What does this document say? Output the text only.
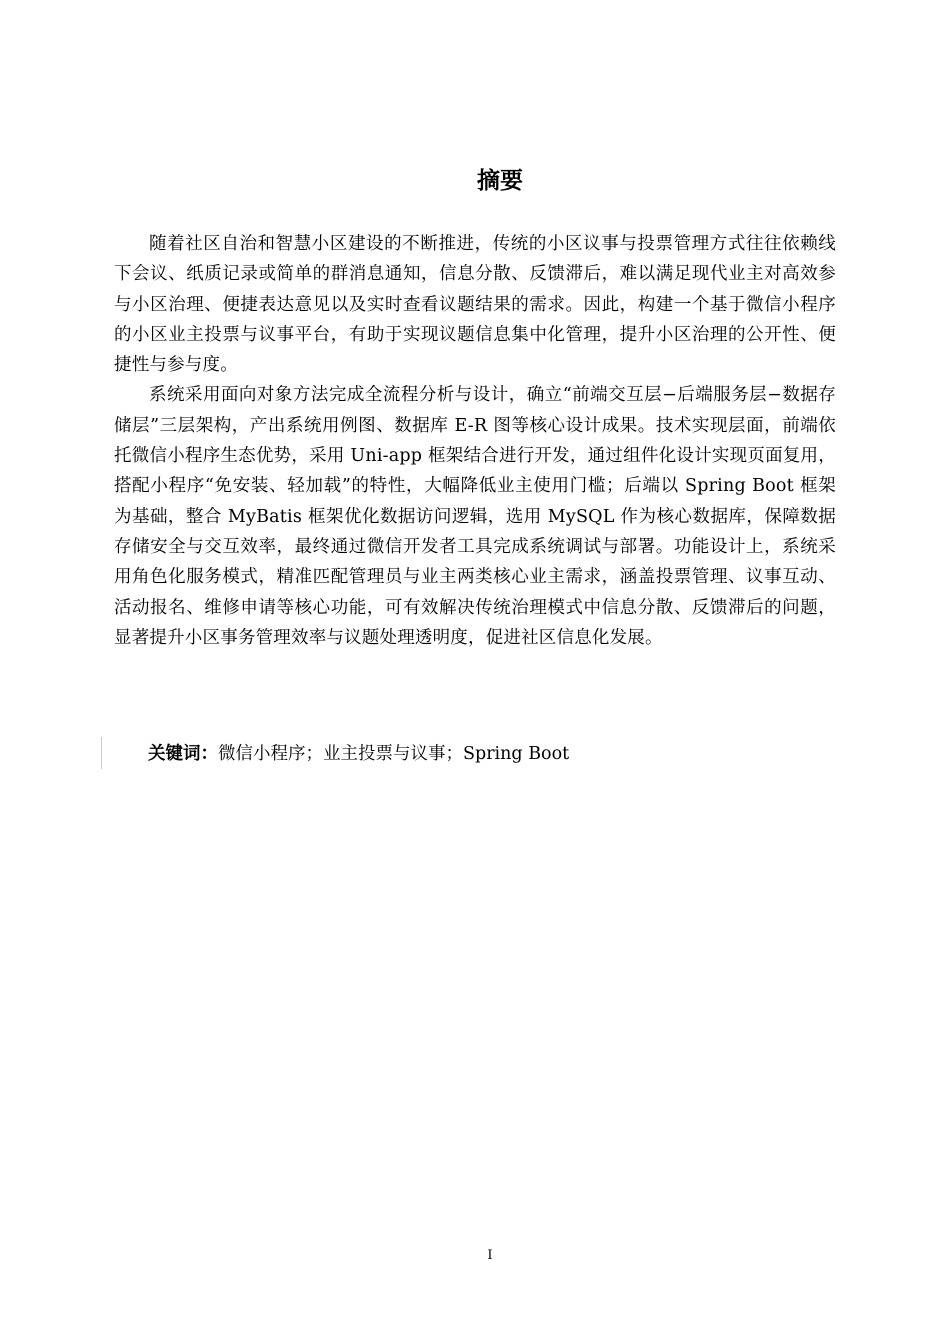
摘要

随着社区自治和智慧小区建设的不断推进，传统的小区议事与投票管理方式往往依赖线下会议、纸质记录或简单的群消息通知，信息分散、反馈滞后，难以满足现代业主对高效参与小区治理、便捷表达意见以及实时查看议题结果的需求。因此，构建一个基于微信小程序的小区业主投票与议事平台，有助于实现议题信息集中化管理，提升小区治理的公开性、便捷性与参与度。

系统采用面向对象方法完成全流程分析与设计，确立“前端交互层−后端服务层−数据存储层”三层架构，产出系统用例图、数据库 E-R 图等核心设计成果。技术实现层面，前端依托微信小程序生态优势，采用 Uni-app 框架结合进行开发，通过组件化设计实现页面复用，搭配小程序“免安装、轻加载”的特性，大幅降低业主使用门槛；后端以 Spring Boot 框架为基础，整合 MyBatis 框架优化数据访问逻辑，选用 MySQL 作为核心数据库，保障数据存储安全与交互效率，最终通过微信开发者工具完成系统调试与部署。功能设计上，系统采用角色化服务模式，精准匹配管理员与业主两类核心业主需求，涵盖投票管理、议事互动、活动报名、维修申请等核心功能，可有效解决传统治理模式中信息分散、反馈滞后的问题，显著提升小区事务管理效率与议题处理透明度，促进社区信息化发展。

关键词：微信小程序；业主投票与议事；Spring Boot
I
